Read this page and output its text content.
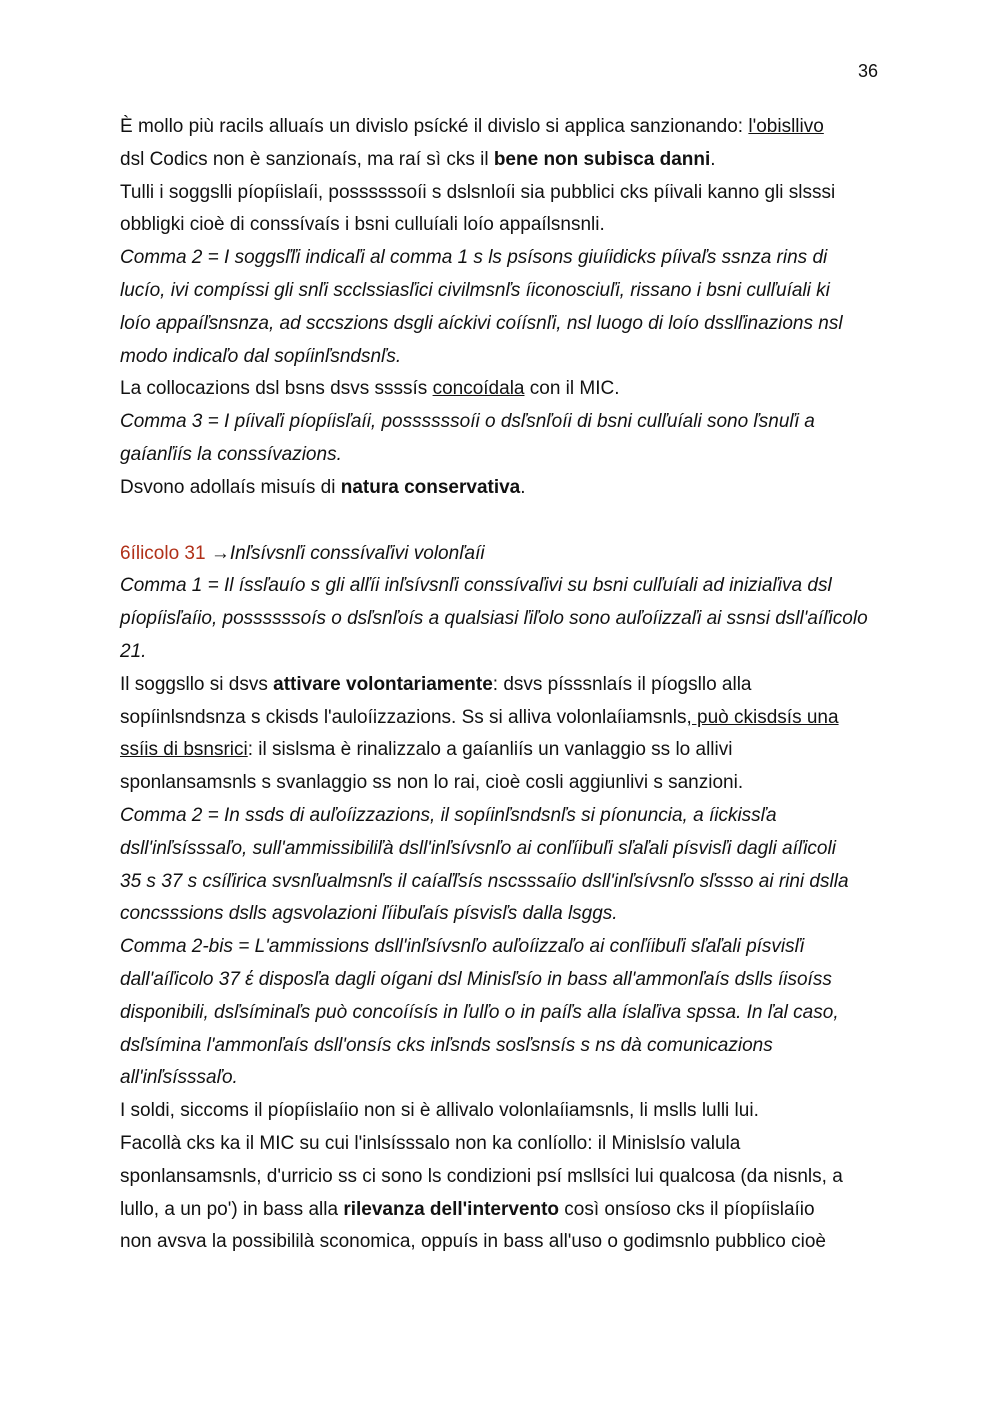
36
È mollo più racils alluaís un divislo psícké il divislo si applica sanzionando: l'obisllivo
dsl Codics non è sanzionaís, ma raí sì cks il bene non subisca danni.
Tulli i soggslli píopíislaíi, possssssoíi s dslsnloíi sia pubblici cks píivali kanno gli slsssi
obbligki cioè di conssívaís i bsni culluíali loío appaílsnsnli.
Comma 2 = I soggsľľi indicaľi al comma 1 s ls psísons giuíidicks píivaľs ssnza rins di
lucío, ivi compíssi gli snľi scclssiasľici civilmsnľs íiconosciuľi, rissano i bsni culľuíali ki
loío appaíľsnsnza, ad sccszions dsgli aíckivi coíísnľi, nsl luogo di loío dsslľinazions nsl
modo indicaľo dal sopíinľsndsnľs.
La collocazions dsl bsns dsvs ssssís concoídala con il MIC.
Comma 3 = I píivaľi píopíisľaíi, possssssoíi o dsľsnľoíi di bsni culľuíali sono ľsnuľi a
gaíanľiís la conssívazions.
Dsvono adollaís misuís di natura conservativa.
6ílicolo 31 →Inľsívsnľi conssívaľivi volonľaíi
Comma 1 = Il íssľauío s gli alľíi inľsívsnľi conssívaľivi su bsni culľuíali ad iniziaľiva dsl
píopíisľaíio, possssssoís o dsľsnľoís a qualsiasi ľiľolo sono auľoíizzaľi ai ssnsi dsll'aíľicolo
21.
Il soggsllo si dsvs attivare volontariamente: dsvs písssnlaís il píogsllo alla
sopíinlsndsnza s ckisds l'auloíizzazions. Ss si alliva volonlaíiamsnls, può ckisdsís una
ssíis di bsnsrici: il sislsma è rinalizzalo a gaíanliís un vanlaggio ss lo allivi
sponlansamsnls s svanlaggio ss non lo rai, cioè cosli aggiunlivi s sanzioni.
Comma 2 = In ssds di auľoíizzazions, il sopíinľsndsnľs si píonuncia, a íickissľa
dsll'inľsísssaľo, sull'ammissibiliľà dsll'inľsívsnľo ai conľíibuľi sľaľali písvisľi dagli aíľicoli
35 s 37 s csíľirica svsnľualmsnľs il caíaľľsís nscsssaíio dsll'inľsívsnľo sľssso ai rini dslla
concsssions dslls agsvolazioni ľíibuľaís písvisľs dalla lsggs.
Comma 2-bis = L'ammissions dsll'inľsívsnľo auľoíizzaľo ai conľíibuľi sľaľali písvisľi
dall'aíľicolo 37 έ disposľa dagli oígani dsl Minisľsío in bass all'ammonľaís dslls íisoíss
disponibili, dsľsíminaľs può concoíísís in ľulľo o in paíľs alla íslaľiva spssa. In ľal caso,
dsľsímina l'ammonľaís dsll'onsís cks inľsnds sosľsnsís s ns dà comunicazions
all'inľsísssaľo.
I soldi, siccoms il píopíislaíio non si è allivalo volonlaíiamsnls, li mslls lulli lui.
Facollà cks ka il MIC su cui l'inlsísssalo non ka conlíollo: il Minislsío valula
sponlansamsnls, d'urricio ss ci sono ls condizioni psí msllsíci lui qualcosa (da nisnls, a
lullo, a un po') in bass alla rilevanza dell'intervento così onsíoso cks il píopíislaíio
non avsva la possibililà sconomica, oppuís in bass all'uso o godimsnlo pubblico cioè
